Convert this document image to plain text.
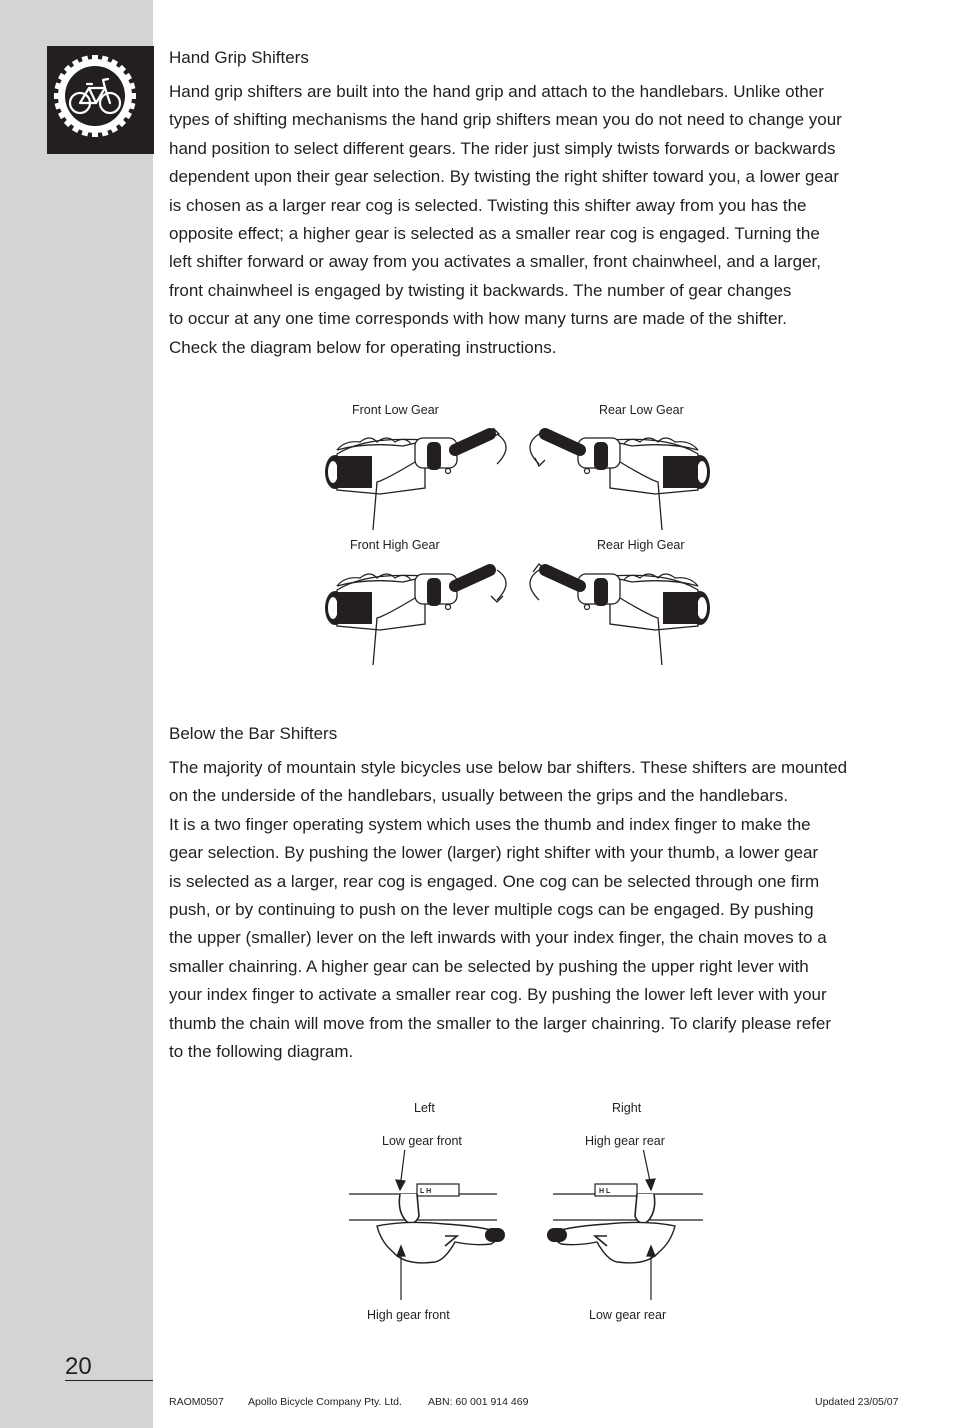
Hand Grip Shifters

Hand grip shifters are built into the hand grip and attach to the handlebars. Unlike other

types of shifting mechanisms the hand grip shifters mean you do not need to change your

hand position to select different gears. The rider just simply twists forwards or backwards

dependent upon their gear selection. By twisting the right shifter toward you, a lower gear

is chosen as a larger rear cog is selected. Twisting this shifter away from you has the

opposite effect; a higher gear is selected as a smaller rear cog is engaged. Turning the

left shifter forward or away from you activates a smaller, front chainwheel, and a larger,

front chainwheel is engaged by twisting it backwards. The number of gear changes

to occur at any one time corresponds with how many turns are made of the shifter.

Check the diagram below for operating instructions.

Front Low Gear	Rear Low Gear
Front High Gear	Rear High Gear
Below the Bar Shifters

The majority of mountain style bicycles use below bar shifters. These shifters are mounted

on the underside of the handlebars, usually between the grips and the handlebars.

It is a two finger operating system which uses the thumb and index finger to make the

gear selection. By pushing the lower (larger) right shifter with your thumb, a lower gear

is selected as a larger, rear cog is engaged. One cog can be selected through one firm

push, or by continuing to push on the lever multiple cogs can be engaged. By pushing

the upper (smaller) lever on the left inwards with your index finger, the chain moves to a

smaller chainring. A higher gear can be selected by pushing the upper right lever with

your index finger to activate a smaller rear cog. By pushing the lower left lever with your

thumb the chain will move from the smaller to the larger chainring. To clarify please refer

to the following diagram.

Left	Right
Low gear front	High gear rear
High gear front	Low gear rear
L H	H L
20
RAOM0507 Apollo Bicycle Company Pty. Ltd. ABN: 60 001 914 469	Updated 23/05/07
